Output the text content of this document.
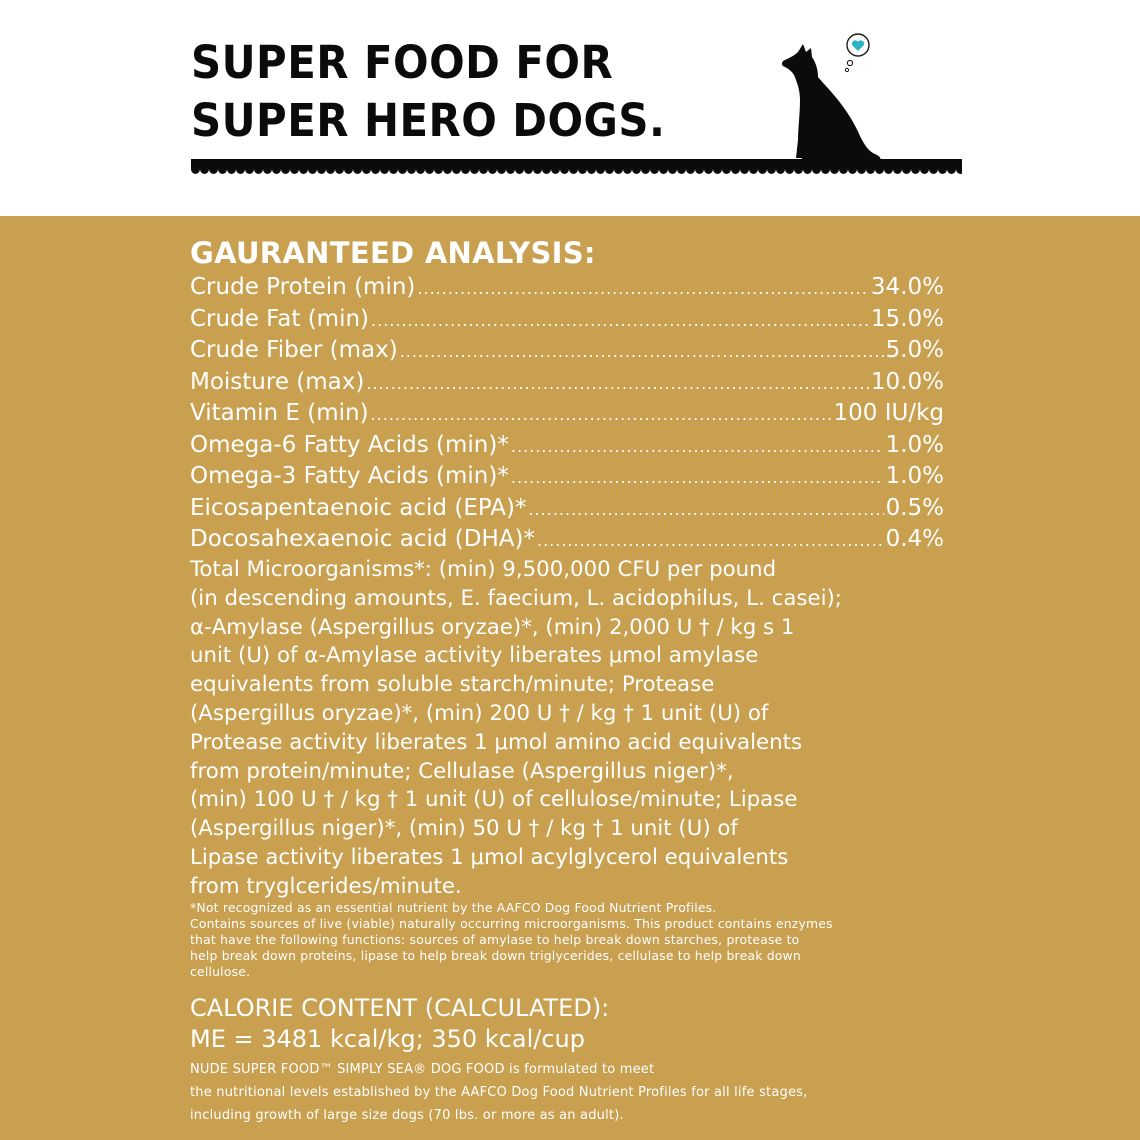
SUPER FOOD FOR
SUPER HERO DOGS.
GAURANTEED ANALYSIS:
Crude Protein (min) .....	34.0%
Crude Fat (min) .....	15.0%
Crude Fiber (max) .....	5.0%
Moisture (max) .....	10.0%
Vitamin E (min) .....	100 IU/kg
Omega-6 Fatty Acids (min)* .....	1.0%
Omega-3 Fatty Acids (min)* .....	1.0%
Eicosapentaenoic acid (EPA)* .....	0.5%
Docosahexaenoic acid (DHA)* .....	0.4%
Total Microorganisms*: (min) 9,500,000 CFU per pound
(in descending amounts, E. faecium, L. acidophilus, L. casei);
α-Amylase (Aspergillus oryzae)*, (min) 2,000 U † / kg s 1
unit (U) of α-Amylase activity liberates μmol amylase
equivalents from soluble starch/minute; Protease
(Aspergillus oryzae)*, (min) 200 U † / kg † 1 unit (U) of
Protease activity liberates 1 μmol amino acid equivalents
from protein/minute; Cellulase (Aspergillus niger)*,
(min) 100 U † / kg † 1 unit (U) of cellulose/minute; Lipase
(Aspergillus niger)*, (min) 50 U † / kg † 1 unit (U) of
Lipase activity liberates 1 μmol acylglycerol equivalents
from tryglcerides/minute.
*Not recognized as an essential nutrient by the AAFCO Dog Food Nutrient Profiles.
Contains sources of live (viable) naturally occurring microorganisms. This product contains enzymes
that have the following functions: sources of amylase to help break down starches, protease to
help break down proteins, lipase to help break down triglycerides, cellulase to help break down
cellulose.
CALORIE CONTENT (CALCULATED):
ME = 3481 kcal/kg; 350 kcal/cup
NUDE SUPER FOOD™ SIMPLY SEA® DOG FOOD is formulated to meet
the nutritional levels established by the AAFCO Dog Food Nutrient Profiles for all life stages,
including growth of large size dogs (70 lbs. or more as an adult).
